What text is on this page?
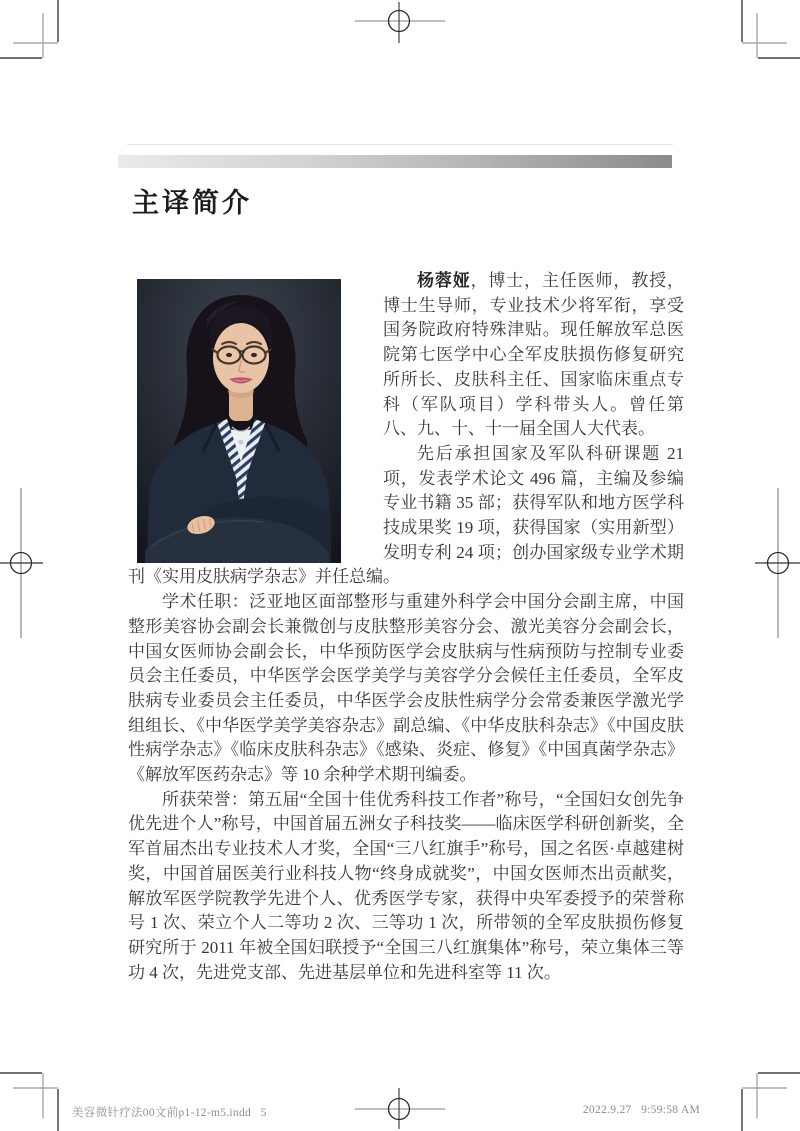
主译简介

杨蓉娅，博士，主任医师，教授，博士生导师，专业技术少将军衔，享受国务院政府特殊津贴。现任解放军总医院第七医学中心全军皮肤损伤修复研究所所长、皮肤科主任、国家临床重点专科（军队项目）学科带头人。曾任第八、九、十、十一届全国人大代表。

先后承担国家及军队科研课题 21 项，发表学术论文 496 篇，主编及参编专业书籍 35 部；获得军队和地方医学科技成果奖 19 项，获得国家（实用新型）发明专利 24 项；创办国家级专业学术期刊《实用皮肤病学杂志》并任总编。

学术任职：泛亚地区面部整形与重建外科学会中国分会副主席，中国整形美容协会副会长兼微创与皮肤整形美容分会、激光美容分会副会长，中国女医师协会副会长，中华预防医学会皮肤病与性病预防与控制专业委员会主任委员，中华医学会医学美学与美容学分会候任主任委员，全军皮肤病专业委员会主任委员，中华医学会皮肤性病学分会常委兼医学激光学组组长、《中华医学美学美容杂志》副总编、《中华皮肤科杂志》《中国皮肤性病学杂志》《临床皮肤科杂志》《感染、炎症、修复》《中国真菌学杂志》《解放军医药杂志》等 10 余种学术期刊编委。

所获荣誉：第五届“全国十佳优秀科技工作者”称号，“全国妇女创先争优先进个人”称号，中国首届五洲女子科技奖——临床医学科研创新奖，全军首届杰出专业技术人才奖，全国“三八红旗手”称号，国之名医·卓越建树奖，中国首届医美行业科技人物“终身成就奖”，中国女医师杰出贡献奖，解放军医学院教学先进个人、优秀医学专家，获得中央军委授予的荣誉称号 1 次、荣立个人二等功 2 次、三等功 1 次，所带领的全军皮肤损伤修复研究所于 2011 年被全国妇联授予“全国三八红旗集体”称号，荣立集体三等功 4 次，先进党支部、先进基层单位和先进科室等 11 次。

美容微针疗法00文前p1-12-m5.indd   5	2022.9.27   9:59:58 AM
